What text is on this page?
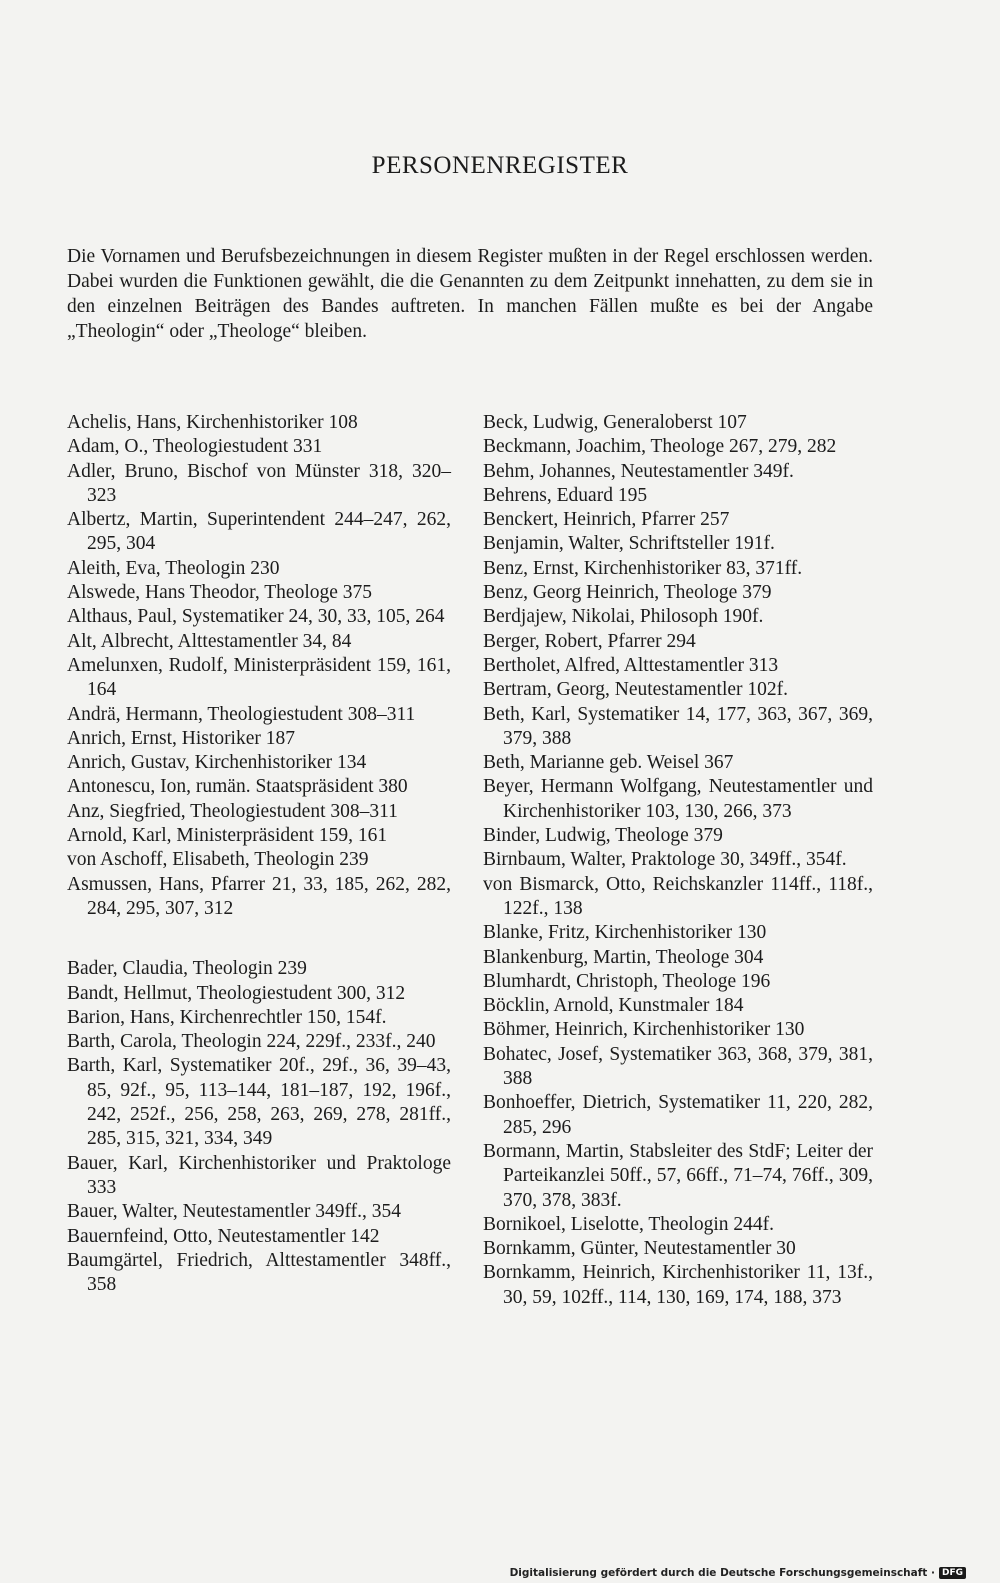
PERSONENREGISTER

Die Vornamen und Berufsbezeichnungen in diesem Register mußten in der Regel erschlossen werden. Dabei wurden die Funktionen gewählt, die die Genannten zu dem Zeitpunkt innehatten, zu dem sie in den einzelnen Beiträgen des Bandes auftreten. In manchen Fällen mußte es bei der Angabe „Theologin“ oder „Theologe“ bleiben.

Achelis, Hans, Kirchenhistoriker 108

Adam, O., Theologiestudent 331

Adler, Bruno, Bischof von Münster 318, 320–323

Albertz, Martin, Superintendent 244–247, 262, 295, 304

Aleith, Eva, Theologin 230

Alswede, Hans Theodor, Theologe 375

Althaus, Paul, Systematiker 24, 30, 33, 105, 264

Alt, Albrecht, Alttestamentler 34, 84

Amelunxen, Rudolf, Ministerpräsident 159, 161, 164

Andrä, Hermann, Theologiestudent 308–311

Anrich, Ernst, Historiker 187

Anrich, Gustav, Kirchenhistoriker 134

Antonescu, Ion, rumän. Staatspräsident 380

Anz, Siegfried, Theologiestudent 308–311

Arnold, Karl, Ministerpräsident 159, 161

von Aschoff, Elisabeth, Theologin 239

Asmussen, Hans, Pfarrer 21, 33, 185, 262, 282, 284, 295, 307, 312

Bader, Claudia, Theologin 239

Bandt, Hellmut, Theologiestudent 300, 312

Barion, Hans, Kirchenrechtler 150, 154f.

Barth, Carola, Theologin 224, 229f., 233f., 240

Barth, Karl, Systematiker 20f., 29f., 36, 39–43, 85, 92f., 95, 113–144, 181–187, 192, 196f., 242, 252f., 256, 258, 263, 269, 278, 281ff., 285, 315, 321, 334, 349

Bauer, Karl, Kirchenhistoriker und Praktologe 333

Bauer, Walter, Neutestamentler 349ff., 354

Bauernfeind, Otto, Neutestamentler 142

Baumgärtel, Friedrich, Alttestamentler 348ff., 358

Beck, Ludwig, Generaloberst 107

Beckmann, Joachim, Theologe 267, 279, 282

Behm, Johannes, Neutestamentler 349f.

Behrens, Eduard 195

Benckert, Heinrich, Pfarrer 257

Benjamin, Walter, Schriftsteller 191f.

Benz, Ernst, Kirchenhistoriker 83, 371ff.

Benz, Georg Heinrich, Theologe 379

Berdjajew, Nikolai, Philosoph 190f.

Berger, Robert, Pfarrer 294

Bertholet, Alfred, Alttestamentler 313

Bertram, Georg, Neutestamentler 102f.

Beth, Karl, Systematiker 14, 177, 363, 367, 369, 379, 388

Beth, Marianne geb. Weisel 367

Beyer, Hermann Wolfgang, Neutestamentler und Kirchenhistoriker 103, 130, 266, 373

Binder, Ludwig, Theologe 379

Birnbaum, Walter, Praktologe 30, 349ff., 354f.

von Bismarck, Otto, Reichskanzler 114ff., 118f., 122f., 138

Blanke, Fritz, Kirchenhistoriker 130

Blankenburg, Martin, Theologe 304

Blumhardt, Christoph, Theologe 196

Böcklin, Arnold, Kunstmaler 184

Böhmer, Heinrich, Kirchenhistoriker 130

Bohatec, Josef, Systematiker 363, 368, 379, 381, 388

Bonhoeffer, Dietrich, Systematiker 11, 220, 282, 285, 296

Bormann, Martin, Stabsleiter des StdF; Leiter der Parteikanzlei 50ff., 57, 66ff., 71–74, 76ff., 309, 370, 378, 383f.

Bornikoel, Liselotte, Theologin 244f.

Bornkamm, Günter, Neutestamentler 30

Bornkamm, Heinrich, Kirchenhistoriker 11, 13f., 30, 59, 102ff., 114, 130, 169, 174, 188, 373

Digitalisierung gefördert durch die Deutsche Forschungsgemeinschaft · DFG
